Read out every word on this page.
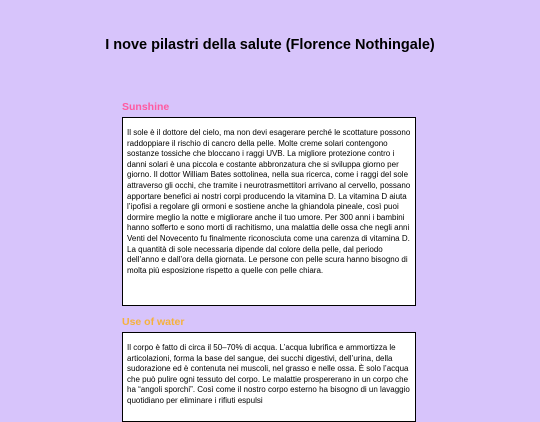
I nove pilastri della salute (Florence Nothingale)
Sunshine

Il sole è il dottore del cielo, ma non devi esagerare perché le scottature possono raddoppiare il rischio di cancro della pelle. Molte creme solari contengono sostanze tossiche che bloccano i raggi UVB. La migliore protezione contro i danni solari è una piccola e costante abbronzatura che si sviluppa giorno per giorno. Il dottor William Bates sottolinea, nella sua ricerca, come i raggi del sole attraverso gli occhi, che tramite i neurotrasmettitori arrivano al cervello, possano apportare benefici ai nostri corpi producendo la vitamina D. La vitamina D aiuta l’ipofisi a regolare gli ormoni e sostiene anche la ghiandola pineale, così puoi dormire meglio la notte e migliorare anche il tuo umore. Per 300 anni i bambini hanno sofferto e sono morti di rachitismo, una malattia delle ossa che negli anni Venti del Novecento fu finalmente riconosciuta come una carenza di vitamina D. La quantità di sole necessaria dipende dal colore della pelle, dal periodo dell’anno e dall’ora della giornata. Le persone con pelle scura hanno bisogno di molta più esposizione rispetto a quelle con pelle chiara.

Use of water

Il corpo è fatto di circa il 50–70% di acqua. L’acqua lubrifica e ammortizza le articolazioni, forma la base del sangue, dei succhi digestivi, dell’urina, della sudorazione ed è contenuta nei muscoli, nel grasso e nelle ossa. È solo l’acqua che può pulire ogni tessuto del corpo. Le malattie prospererano in un corpo che ha “angoli sporchi”. Così come il nostro corpo esterno ha bisogno di un lavaggio quotidiano per eliminare i rifiuti espulsi
